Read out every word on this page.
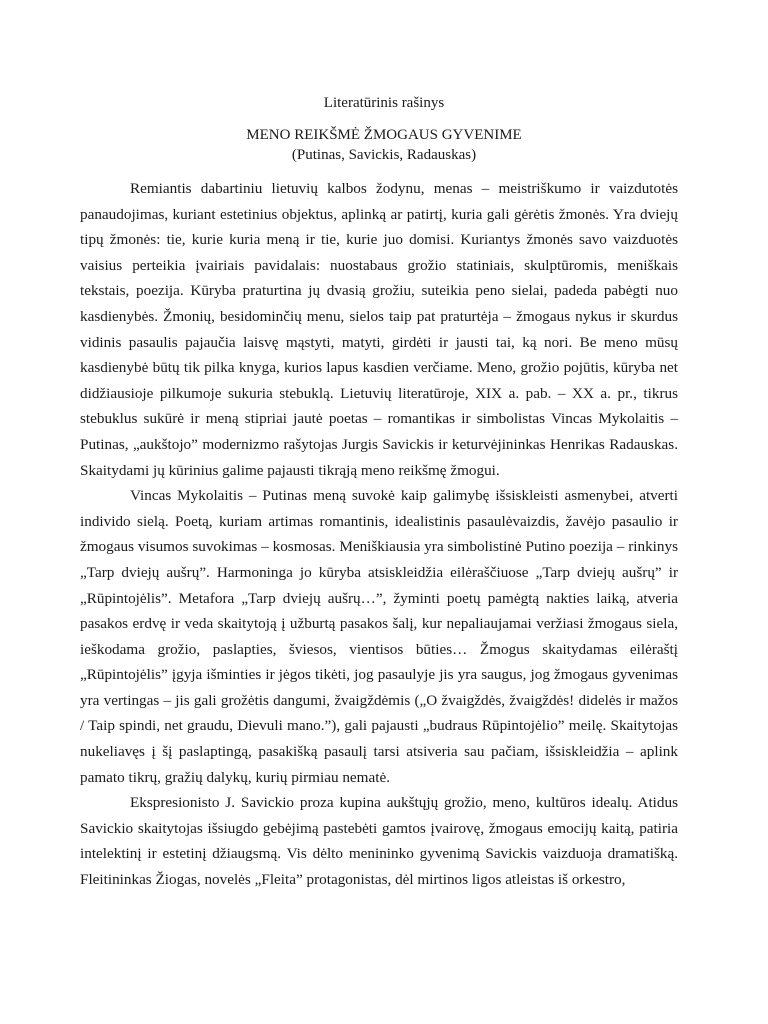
Literatūrinis rašinys
MENO REIKŠMĖ ŽMOGAUS GYVENIME
(Putinas, Savickis, Radauskas)

Remiantis dabartiniu lietuvių kalbos žodynu, menas – meistriškumo ir vaizdutotės panaudojimas, kuriant estetinius objektus, aplinką ar patirtį, kuria gali gėrėtis žmonės. Yra dviejų tipų žmonės: tie, kurie kuria meną ir tie, kurie juo domisi. Kuriantys žmonės savo vaizduotės vaisius perteikia įvairiais pavidalais: nuostabaus grožio statiniais, skulptūromis, meniškais tekstais, poezija. Kūryba praturtina jų dvasią grožiu, suteikia peno sielai, padeda pabėgti nuo kasdienybės. Žmonių, besidominčių menu, sielos taip pat praturtėja – žmogaus nykus ir skurdus vidinis pasaulis pajaučia laisvę mąstyti, matyti, girdėti ir jausti tai, ką nori. Be meno mūsų kasdienybė būtų tik pilka knyga, kurios lapus kasdien verčiame. Meno, grožio pojūtis, kūryba net didžiausioje pilkumoje sukuria stebuklą. Lietuvių literatūroje, XIX a. pab. – XX a. pr., tikrus stebuklus sukūrė ir meną stipriai jautė poetas – romantikas ir simbolistas Vincas Mykolaitis – Putinas, „aukštojo” modernizmo rašytojas Jurgis Savickis ir keturvėjininkas Henrikas Radauskas. Skaitydami jų kūrinius galime pajausti tikrąją meno reikšmę žmogui.

Vincas Mykolaitis – Putinas meną suvokė kaip galimybę išsiskleisti asmenybei, atverti individo sielą. Poetą, kuriam artimas romantinis, idealistinis pasaulėvaizdis, žavėjo pasaulio ir žmogaus visumos suvokimas – kosmosas. Meniškiausia yra simbolistinė Putino poezija – rinkinys „Tarp dviejų aušrų”. Harmoninga jo kūryba atsiskleidžia eilėraščiuose „Tarp dviejų aušrų” ir „Rūpintojėlis”. Metafora „Tarp dviejų aušrų…”, žyminti poetų pamėgtą nakties laiką, atveria pasakos erdvę ir veda skaitytoją į užburtą pasakos šalį, kur nepaliaujamai veržiasi žmogaus siela, ieškodama grožio, paslapties, šviesos, vientisos būties… Žmogus skaitydamas eilėraštį „Rūpintojėlis” įgyja išminties ir jėgos tikėti, jog pasaulyje jis yra saugus, jog žmogaus gyvenimas yra vertingas – jis gali grožėtis dangumi, žvaigždėmis („O žvaigždės, žvaigždės! didelės ir mažos / Taip spindi, net graudu, Dievuli mano.”), gali pajausti „budraus Rūpintojėlio” meilę. Skaitytojas nukeliavęs į šį paslaptingą, pasakišką pasaulį tarsi atsiveria sau pačiam, išsiskleidžia – aplink pamato tikrų, gražių dalykų, kurių pirmiau nematė.

Ekspresionisto J. Savickio proza kupina aukštųjų grožio, meno, kultūros idealų. Atidus Savickio skaitytojas išsiugdo gebėjimą pastebėti gamtos įvairovę, žmogaus emocijų kaitą, patiria intelektinį ir estetinį džiaugsmą. Vis dėlto menininko gyvenimą Savickis vaizduoja dramatišką. Fleitininkas Žiogas, novelės „Fleita” protagonistas, dėl mirtinos ligos atleistas iš orkestro,
